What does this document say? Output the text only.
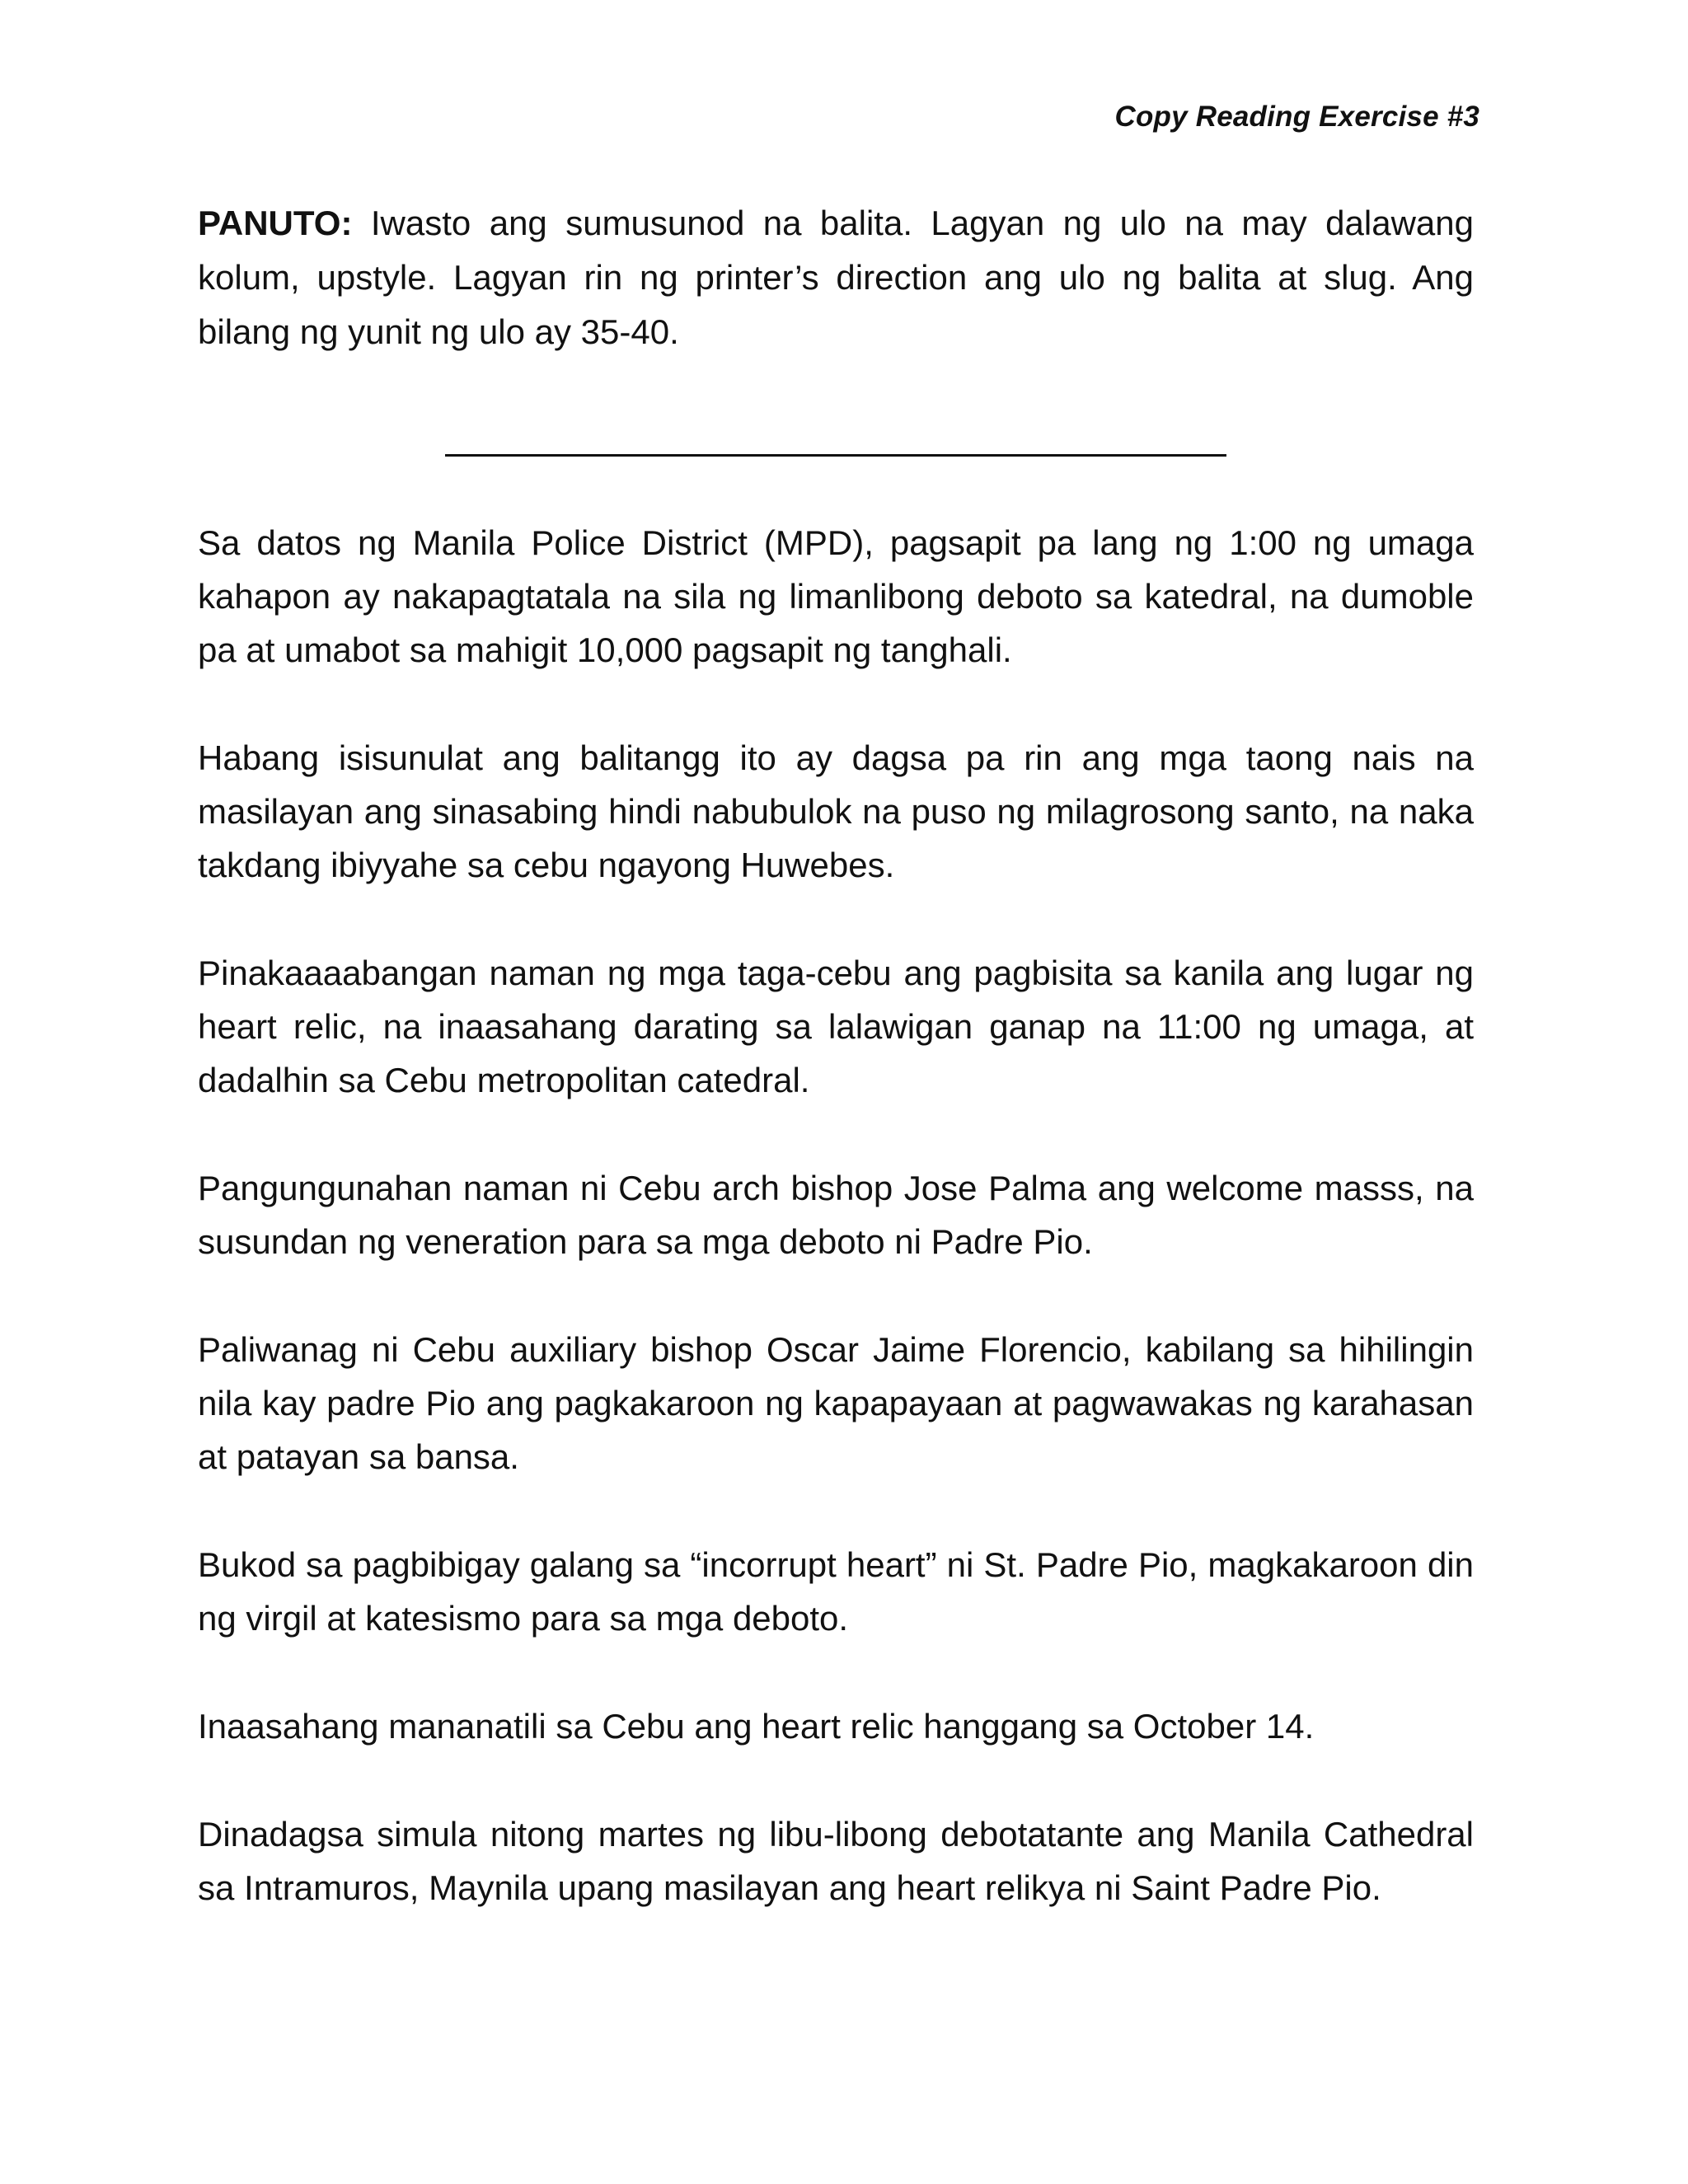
Copy Reading Exercise #3
PANUTO: Iwasto ang sumusunod na balita. Lagyan ng ulo na may dalawang kolum, upstyle. Lagyan rin ng printer’s direction ang ulo ng balita at slug. Ang bilang ng yunit ng ulo ay 35-40.

Sa datos ng Manila Police District (MPD), pagsapit pa lang ng 1:00 ng umaga kahapon ay nakapagtatala na sila ng limanlibong deboto sa katedral, na dumoble pa at umabot sa mahigit 10,000 pagsapit ng tanghali.

Habang isisunulat ang balitangg ito ay dagsa pa rin ang mga taong nais na masilayan ang sinasabing hindi nabubulok na puso ng milagrosong santo, na naka takdang ibiyyahe sa cebu ngayong Huwebes.

Pinakaaaabangan naman ng mga taga-cebu ang pagbisita sa kanila ang lugar ng heart relic, na inaasahang darating sa lalawigan ganap na 11:00 ng umaga, at dadalhin sa Cebu metropolitan catedral.

Pangungunahan naman ni Cebu arch bishop Jose Palma ang welcome masss, na susundan ng veneration para sa mga deboto ni Padre Pio.

Paliwanag ni Cebu auxiliary bishop Oscar Jaime Florencio, kabilang sa hihilingin nila kay padre Pio ang pagkakaroon ng kapapayaan at pagwawakas ng karahasan at patayan sa bansa.

Bukod sa pagbibigay galang sa “incorrupt heart” ni St. Padre Pio, magkakaroon din ng virgil at katesismo para sa mga deboto.

Inaasahang mananatili sa Cebu ang heart relic hanggang sa October 14.

Dinadagsa simula nitong martes ng libu-libong debotatante ang Manila Cathedral sa Intramuros, Maynila upang masilayan ang heart relikya ni Saint Padre Pio.
